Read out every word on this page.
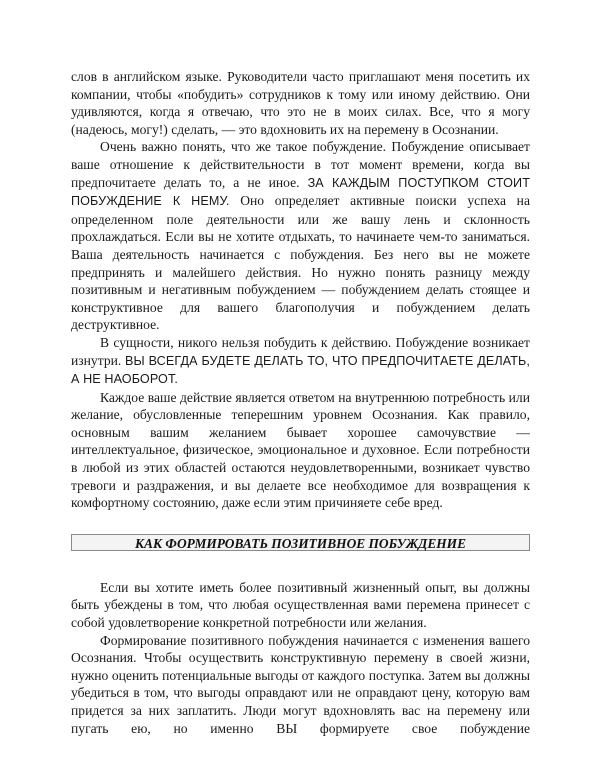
слов в английском языке. Руководители часто приглашают меня посетить их компании, чтобы «побудить» сотрудников к тому или иному действию. Они удивляются, когда я отвечаю, что это не в моих силах. Все, что я могу (надеюсь, могу!) сделать, — это вдохновить их на перемену в Осознании.

Очень важно понять, что же такое побуждение. Побуждение описывает ваше отношение к действительности в тот момент времени, когда вы предпочитаете делать то, а не иное. ЗА КАЖДЫМ ПОСТУПКОМ СТОИТ ПОБУЖДЕНИЕ К НЕМУ. Оно определяет активные поиски успеха на определенном поле деятельности или же вашу лень и склонность прохлаждаться. Если вы не хотите отдыхать, то начинаете чем-то заниматься. Ваша деятельность начинается с побуждения. Без него вы не можете предпринять и малейшего действия. Но нужно понять разницу между позитивным и негативным побуждением — побуждением делать стоящее и конструктивное для вашего благополучия и побуждением делать деструктивное.

В сущности, никого нельзя побудить к действию. Побуждение возникает изнутри. ВЫ ВСЕГДА БУДЕТЕ ДЕЛАТЬ ТО, ЧТО ПРЕДПОЧИТАЕТЕ ДЕЛАТЬ, А НЕ НАОБОРОТ.

Каждое ваше действие является ответом на внутреннюю потребность или желание, обусловленные теперешним уровнем Осознания. Как правило, основным вашим желанием бывает хорошее самочувствие — интеллектуальное, физическое, эмоциональное и духовное. Если потребности в любой из этих областей остаются неудовлетворенными, возникает чувство тревоги и раздражения, и вы делаете все необходимое для возвращения к комфортному состоянию, даже если этим причиняете себе вред.

КАК ФОРМИРОВАТЬ ПОЗИТИВНОЕ ПОБУЖДЕНИЕ

Если вы хотите иметь более позитивный жизненный опыт, вы должны быть убеждены в том, что любая осуществленная вами перемена принесет с собой удовлетворение конкретной потребности или желания.

Формирование позитивного побуждения начинается с изменения вашего Осознания. Чтобы осуществить конструктивную перемену в своей жизни, нужно оценить потенциальные выгоды от каждого поступка. Затем вы должны убедиться в том, что выгоды оправдают или не оправдают цену, которую вам придется за них заплатить. Люди могут вдохновлять вас на перемену или пугать ею, но именно ВЫ формируете свое побуждение
